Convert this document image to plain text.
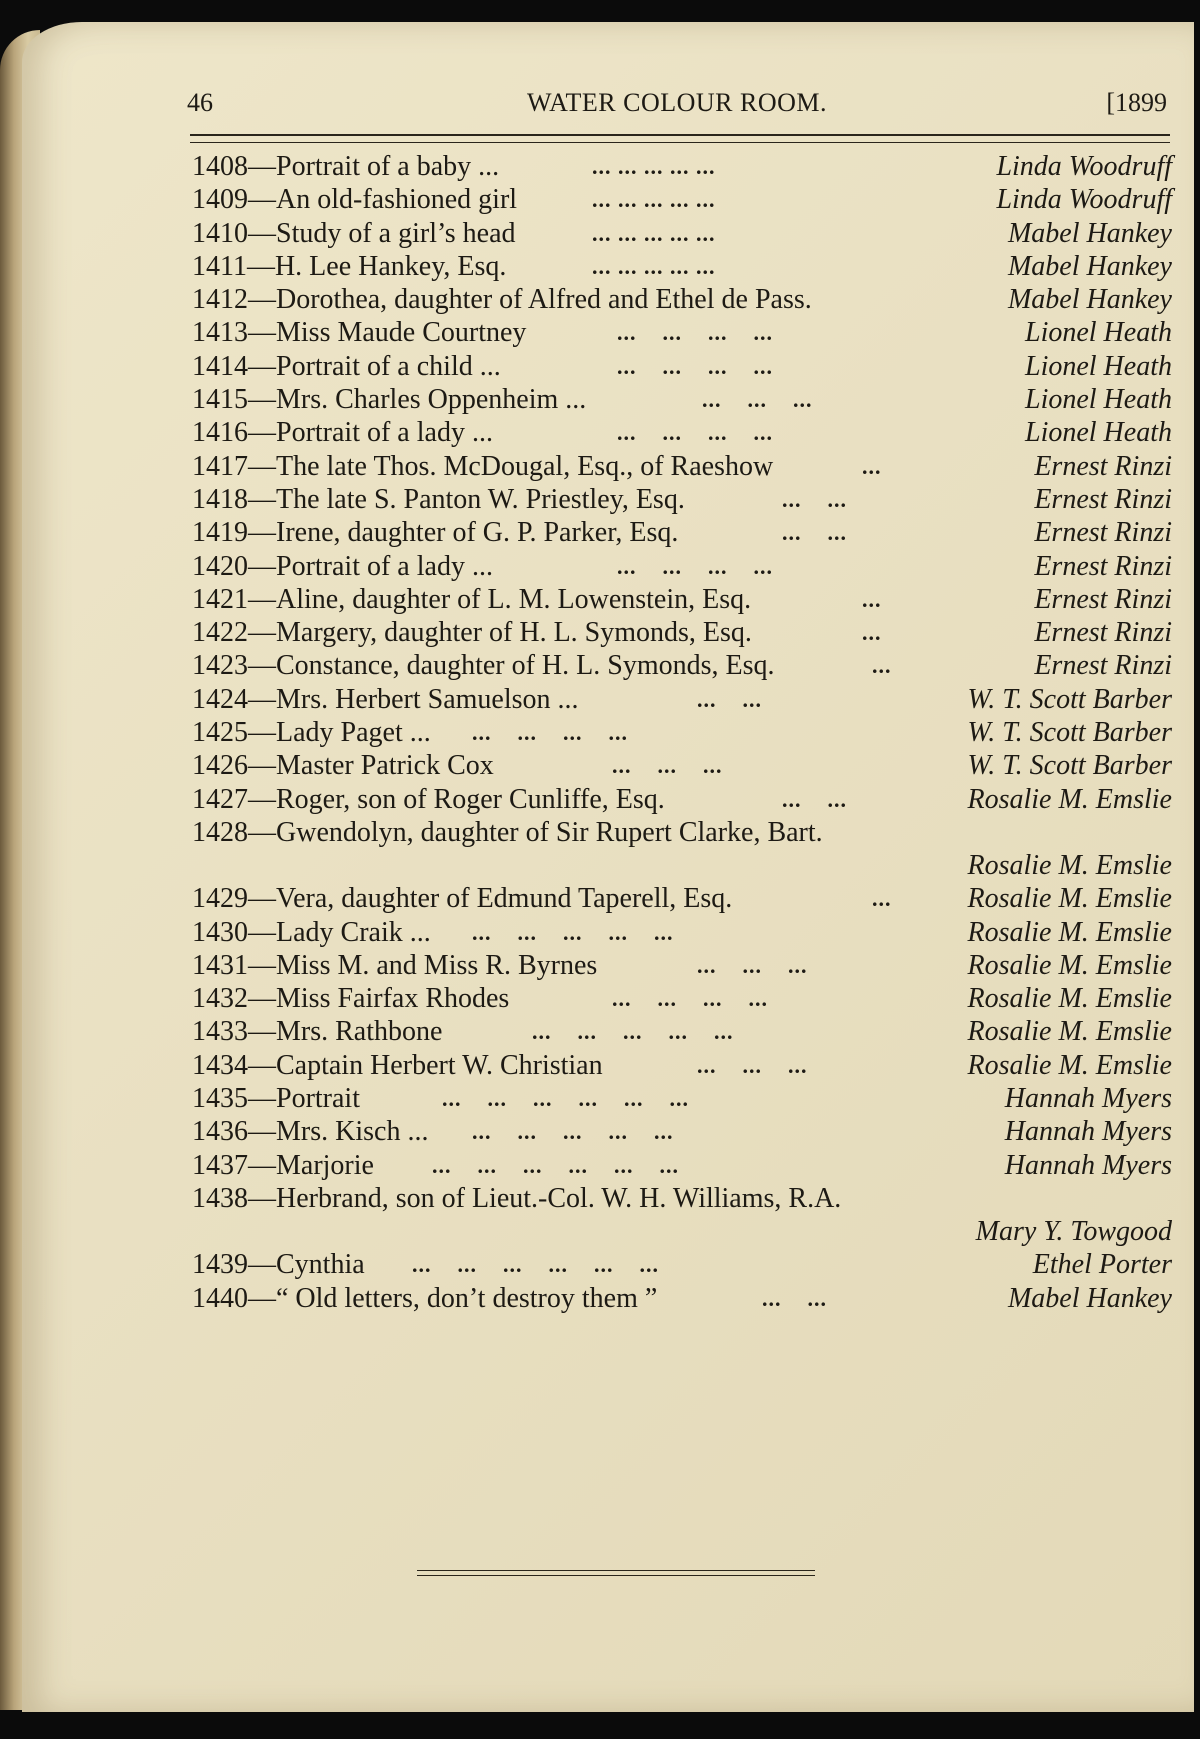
46	WATER COLOUR ROOM.	[1899
1408—Portrait of a baby ...	... ... ... ... ...	Linda Woodruff
1409—An old-fashioned girl	... ... ... ... ...	Linda Woodruff
1410—Study of a girl’s head	... ... ... ... ...	Mabel Hankey
1411—H. Lee Hankey, Esq.	... ... ... ... ...	Mabel Hankey
1412—Dorothea, daughter of Alfred and Ethel de Pass.	Mabel Hankey
1413—Miss Maude Courtney	...    ...    ...    ...	Lionel Heath
1414—Portrait of a child ...	...    ...    ...    ...	Lionel Heath
1415—Mrs. Charles Oppenheim ...	...    ...    ...	Lionel Heath
1416—Portrait of a lady ...	...    ...    ...    ...	Lionel Heath
1417—The late Thos. McDougal, Esq., of Raeshow	...	Ernest Rinzi
1418—The late S. Panton W. Priestley, Esq.	...    ...	Ernest Rinzi
1419—Irene, daughter of G. P. Parker, Esq.	...    ...	Ernest Rinzi
1420—Portrait of a lady ...	...    ...    ...    ...	Ernest Rinzi
1421—Aline, daughter of L. M. Lowenstein, Esq.	...	Ernest Rinzi
1422—Margery, daughter of H. L. Symonds, Esq.	...	Ernest Rinzi
1423—Constance, daughter of H. L. Symonds, Esq.	...	Ernest Rinzi
1424—Mrs. Herbert Samuelson ...	...    ...	W. T. Scott Barber
1425—Lady Paget ... ...    ...    ...    ...	W. T. Scott Barber
1426—Master Patrick Cox	...    ...    ...	W. T. Scott Barber
1427—Roger, son of Roger Cunliffe, Esq.	...    ...	Rosalie M. Emslie
1428—Gwendolyn, daughter of Sir Rupert Clarke, Bart.
Rosalie M. Emslie
1429—Vera, daughter of Edmund Taperell, Esq.	...	Rosalie M. Emslie
1430—Lady Craik ... ...    ...    ...    ...    ...	Rosalie M. Emslie
1431—Miss M. and Miss R. Byrnes	...    ...    ...	Rosalie M. Emslie
1432—Miss Fairfax Rhodes	...    ...    ...    ...	Rosalie M. Emslie
1433—Mrs. Rathbone	...    ...    ...    ...    ...	Rosalie M. Emslie
1434—Captain Herbert W. Christian	...    ...    ...	Rosalie M. Emslie
1435—Portrait	...    ...    ...    ...    ...    ...	Hannah Myers
1436—Mrs. Kisch ... ...    ...    ...    ...    ...	Hannah Myers
1437—Marjorie	...    ...    ...    ...    ...    ...	Hannah Myers
1438—Herbrand, son of Lieut.-Col. W. H. Williams, R.A.
Mary Y. Towgood
1439—Cynthia ...    ...    ...    ...    ...    ...	Ethel Porter
1440—“ Old letters, don’t destroy them ”	...    ...	Mabel Hankey
